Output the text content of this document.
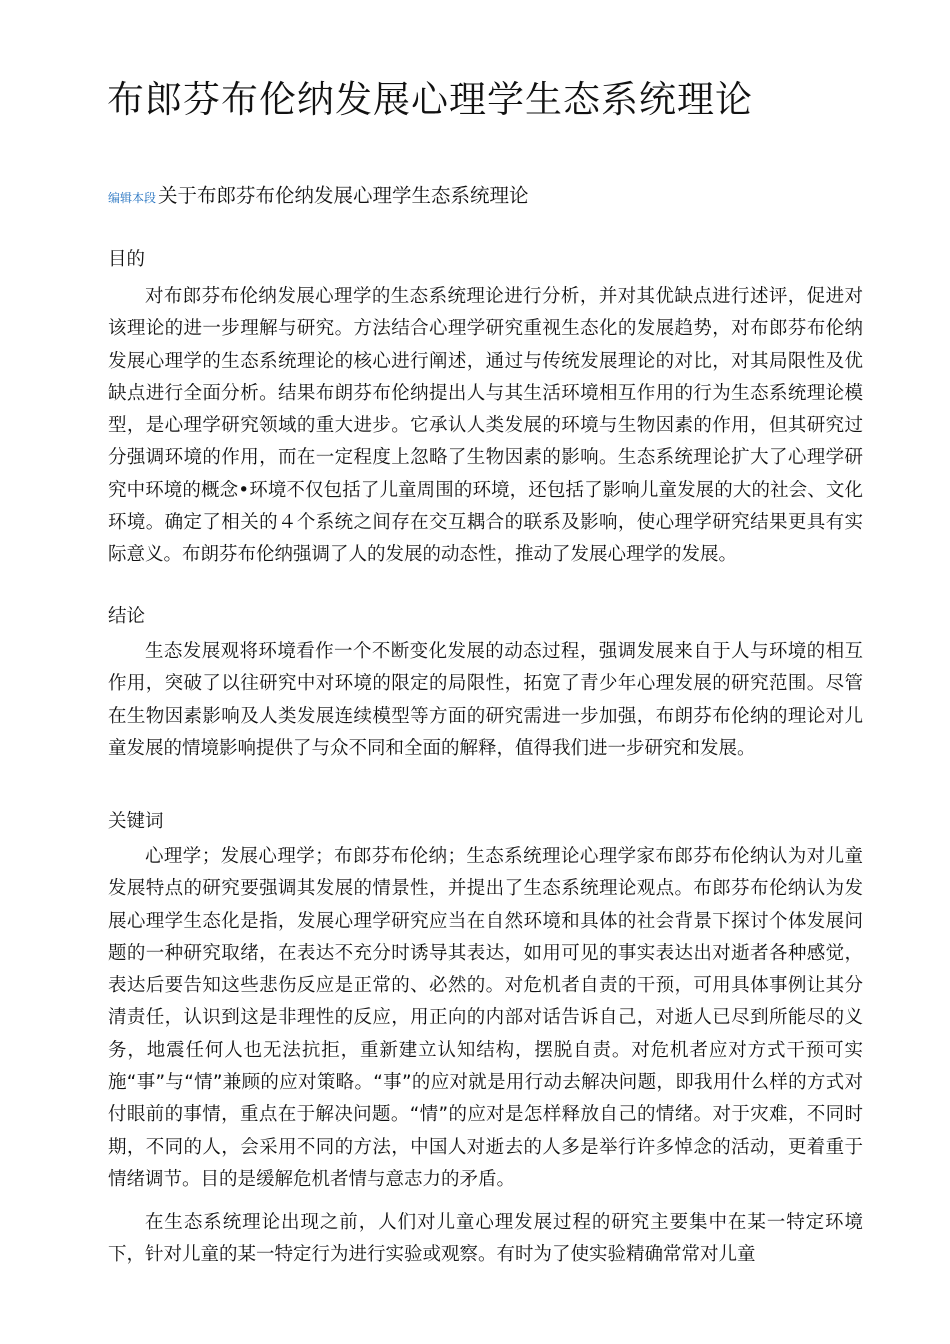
布郎芬布伦纳发展心理学生态系统理论
编辑本段 关于布郎芬布伦纳发展心理学生态系统理论
目的

对布郎芬布伦纳发展心理学的生态系统理论进行分析，并对其优缺点进行述评，促进对该理论的进一步理解与研究。方法结合心理学研究重视生态化的发展趋势，对布郎芬布伦纳发展心理学的生态系统理论的核心进行阐述，通过与传统发展理论的对比，对其局限性及优缺点进行全面分析。结果布朗芬布伦纳提出人与其生活环境相互作用的行为生态系统理论模型，是心理学研究领域的重大进步。它承认人类发展的环境与生物因素的作用，但其研究过分强调环境的作用，而在一定程度上忽略了生物因素的影响。生态系统理论扩大了心理学研究中环境的概念•环境不仅包括了儿童周围的环境，还包括了影响儿童发展的大的社会、文化环境。确定了相关的４个系统之间存在交互耦合的联系及影响，使心理学研究结果更具有实际意义。布朗芬布伦纳强调了人的发展的动态性，推动了发展心理学的发展。

结论

生态发展观将环境看作一个不断变化发展的动态过程，强调发展来自于人与环境的相互作用，突破了以往研究中对环境的限定的局限性，拓宽了青少年心理发展的研究范围。尽管在生物因素影响及人类发展连续模型等方面的研究需进一步加强，布朗芬布伦纳的理论对儿童发展的情境影响提供了与众不同和全面的解释，值得我们进一步研究和发展。

关键词

心理学；发展心理学；布郎芬布伦纳；生态系统理论心理学家布郎芬布伦纳认为对儿童发展特点的研究要强调其发展的情景性，并提出了生态系统理论观点。布郎芬布伦纳认为发展心理学生态化是指，发展心理学研究应当在自然环境和具体的社会背景下探讨个体发展问题的一种研究取绪，在表达不充分时诱导其表达，如用可见的事实表达出对逝者各种感觉，表达后要告知这些悲伤反应是正常的、必然的。对危机者自责的干预，可用具体事例让其分清责任，认识到这是非理性的反应，用正向的内部对话告诉自己，对逝人已尽到所能尽的义务，地震任何人也无法抗拒，重新建立认知结构，摆脱自责。对危机者应对方式干预可实施“事”与“情”兼顾的应对策略。“事”的应对就是用行动去解决问题，即我用什么样的方式对付眼前的事情，重点在于解决问题。“情”的应对是怎样释放自己的情绪。对于灾难，不同时期，不同的人，会采用不同的方法，中国人对逝去的人多是举行许多悼念的活动，更着重于情绪调节。目的是缓解危机者情与意志力的矛盾。

在生态系统理论出现之前，人们对儿童心理发展过程的研究主要集中在某一特定环境下，针对儿童的某一特定行为进行实验或观察。有时为了使实验精确常常对儿童
